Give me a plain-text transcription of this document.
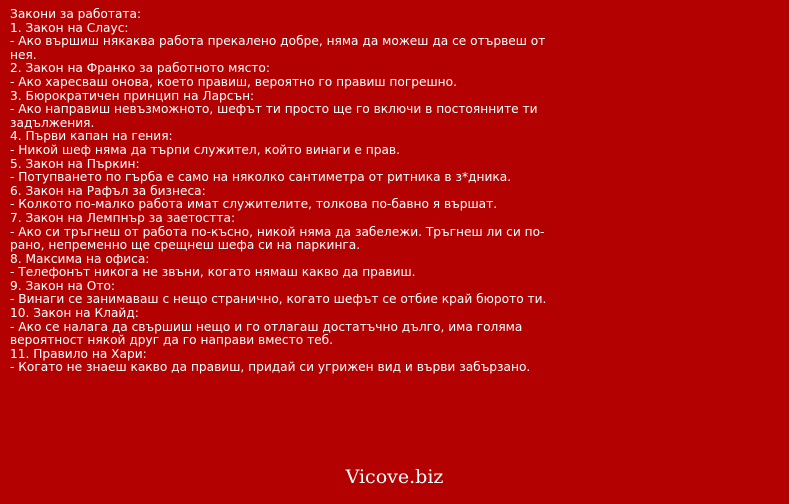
Закони за работата:
1. Закон на Слаус:
- Ако вършиш някаква работа прекалено добре, няма да можеш да се отървеш от нея.
2. Закон на Франко за работното място:
- Ако харесваш онова, което правиш, вероятно го правиш погрешно.
3. Бюрократичен принцип на Ларсън:
- Ако направиш невъзможното, шефът ти просто ще го включи в постоянните ти задължения.
4. Първи капан на гения:
- Никой шеф няма да търпи служител, който винаги е прав.
5. Закон на Пъркин:
- Потупването по гърба е само на няколко сантиметра от ритника в з*дника.
6. Закон на Рафъл за бизнеса:
- Колкото по-малко работа имат служителите, толкова по-бавно я вършат.
7. Закон на Лемпнър за заетостта:
- Ако си тръгнеш от работа по-късно, никой няма да забележи. Тръгнеш ли си по-рано, непременно ще срещнеш шефа си на паркинга.
8. Максима на офиса:
- Телефонът никога не звъни, когато нямаш какво да правиш.
9. Закон на Ото:
- Винаги се занимаваш с нещо странично, когато шефът се отбие край бюрото ти.
10. Закон на Клайд:
- Ако се налага да свършиш нещо и го отлагаш достатъчно дълго, има голяма вероятност някой друг да го направи вместо теб.
11. Правило на Хари:
- Когато не знаеш какво да правиш, придай си угрижен вид и върви забързано.
Vicove.biz
